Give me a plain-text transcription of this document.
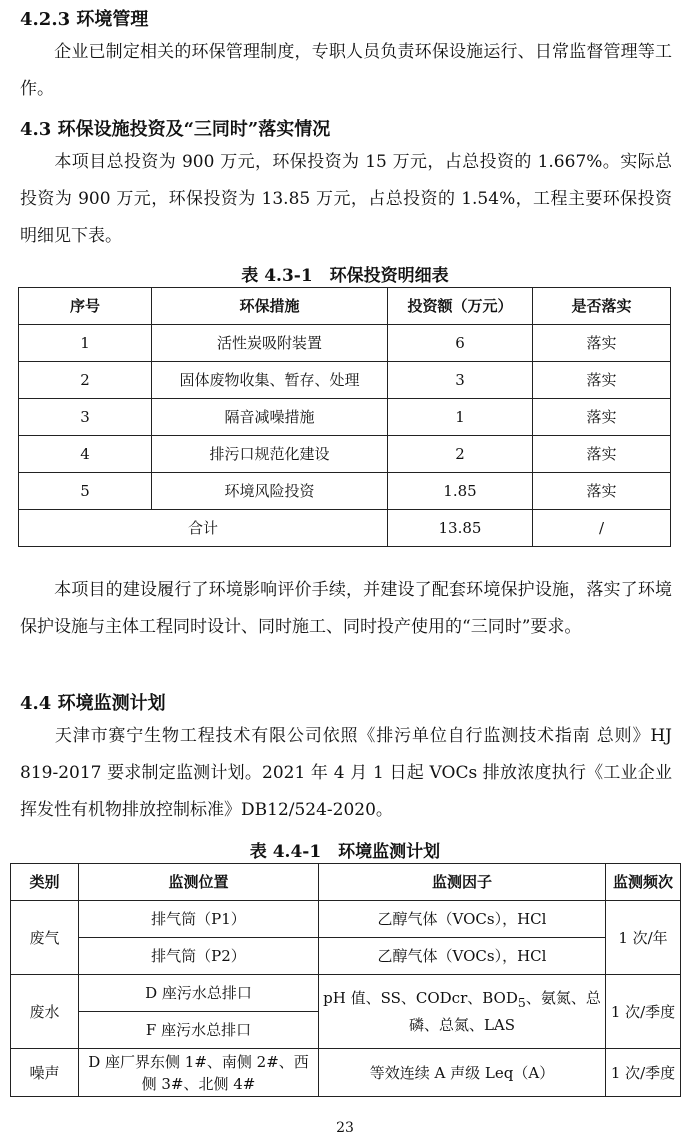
4.2.3 环境管理
企业已制定相关的环保管理制度，专职人员负责环保设施运行、日常监督管理等工作。
4.3 环保设施投资及“三同时”落实情况
本项目总投资为 900 万元，环保投资为 15 万元，占总投资的 1.667%。实际总投资为 900 万元，环保投资为 13.85 万元，占总投资的 1.54%，工程主要环保投资明细见下表。
表 4.3-1　环保投资明细表
序号	环保措施	投资额（万元）	是否落实
1	活性炭吸附装置	6	落实
2	固体废物收集、暂存、处理	3	落实
3	隔音减噪措施	1	落实
4	排污口规范化建设	2	落实
5	环境风险投资	1.85	落实
合计		13.85	/
本项目的建设履行了环境影响评价手续，并建设了配套环境保护设施，落实了环境保护设施与主体工程同时设计、同时施工、同时投产使用的“三同时”要求。
4.4 环境监测计划
天津市赛宁生物工程技术有限公司依照《排污单位自行监测技术指南 总则》HJ 819-2017 要求制定监测计划。2021 年 4 月 1 日起 VOCs 排放浓度执行《工业企业挥发性有机物排放控制标准》DB12/524-2020。
表 4.4-1　环境监测计划
类别	监测位置	监测因子	监测频次
废气	排气筒（P1）	乙醇气体（VOCs），HCl	1 次/年
	排气筒（P2）	乙醇气体（VOCs），HCl	
废水	D 座污水总排口	pH 值、SS、CODcr、$BOD_5$、氨氮、总磷、总氮、LAS	1 次/季度
	F 座污水总排口		
噪声	D 座厂界东侧 1#、南侧 2#、西侧 3#、北侧 4#	等效连续 A 声级 Leq（A）	1 次/季度
23
